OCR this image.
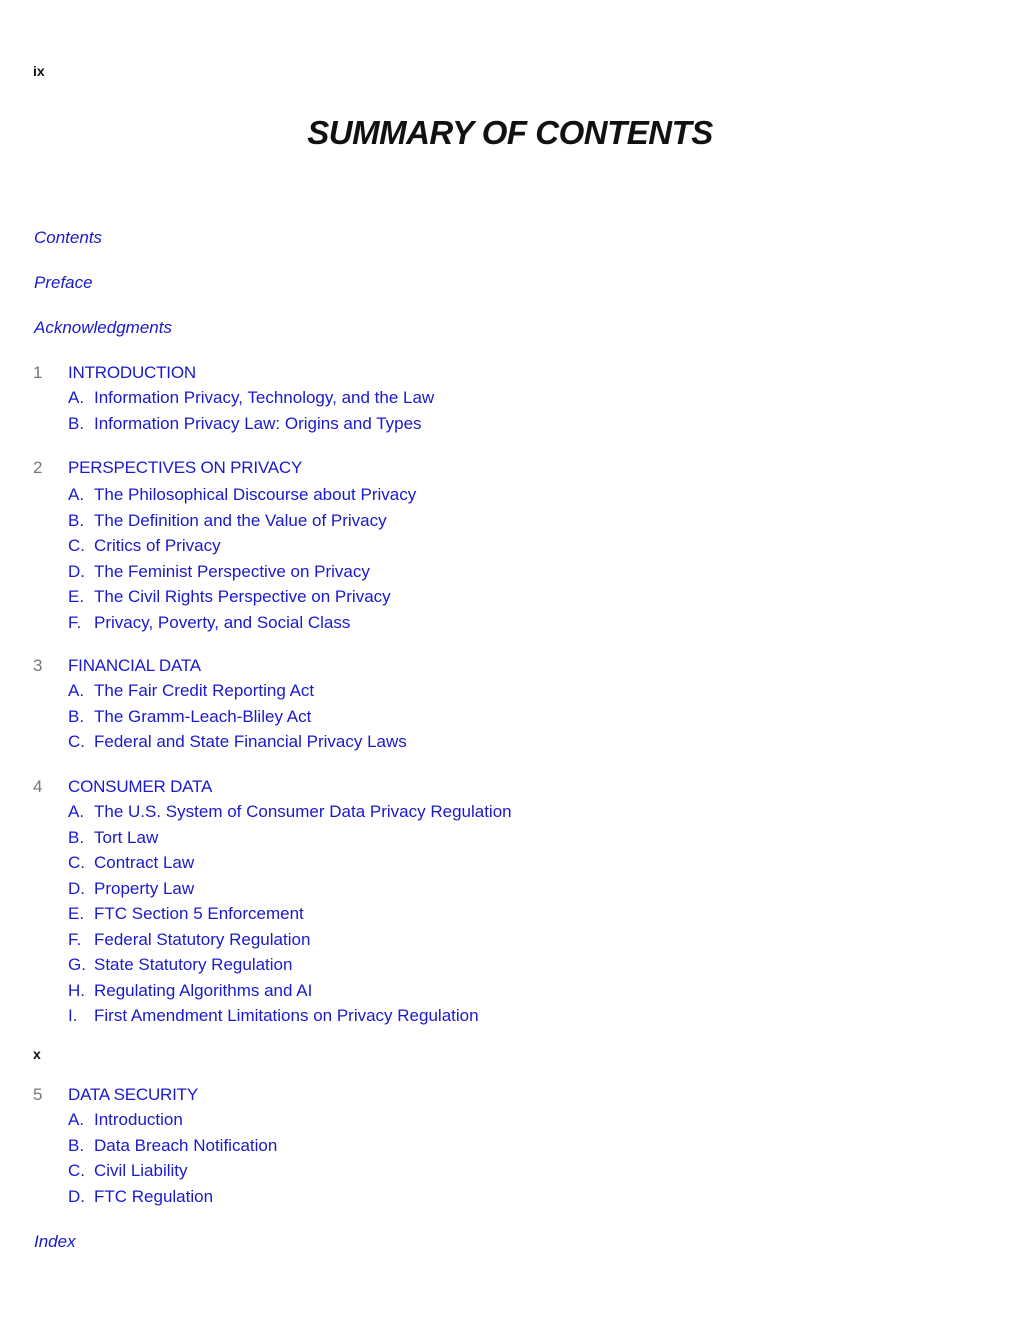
ix
SUMMARY OF CONTENTS
Contents
Preface
Acknowledgments
1 INTRODUCTION
A. Information Privacy, Technology, and the Law
B. Information Privacy Law: Origins and Types
2 PERSPECTIVES ON PRIVACY
A. The Philosophical Discourse about Privacy
B. The Definition and the Value of Privacy
C. Critics of Privacy
D. The Feminist Perspective on Privacy
E. The Civil Rights Perspective on Privacy
F. Privacy, Poverty, and Social Class
3 FINANCIAL DATA
A. The Fair Credit Reporting Act
B. The Gramm-Leach-Bliley Act
C. Federal and State Financial Privacy Laws
4 CONSUMER DATA
A. The U.S. System of Consumer Data Privacy Regulation
B. Tort Law
C. Contract Law
D. Property Law
E. FTC Section 5 Enforcement
F. Federal Statutory Regulation
G. State Statutory Regulation
H. Regulating Algorithms and AI
I. First Amendment Limitations on Privacy Regulation
x
5 DATA SECURITY
A. Introduction
B. Data Breach Notification
C. Civil Liability
D. FTC Regulation
Index
